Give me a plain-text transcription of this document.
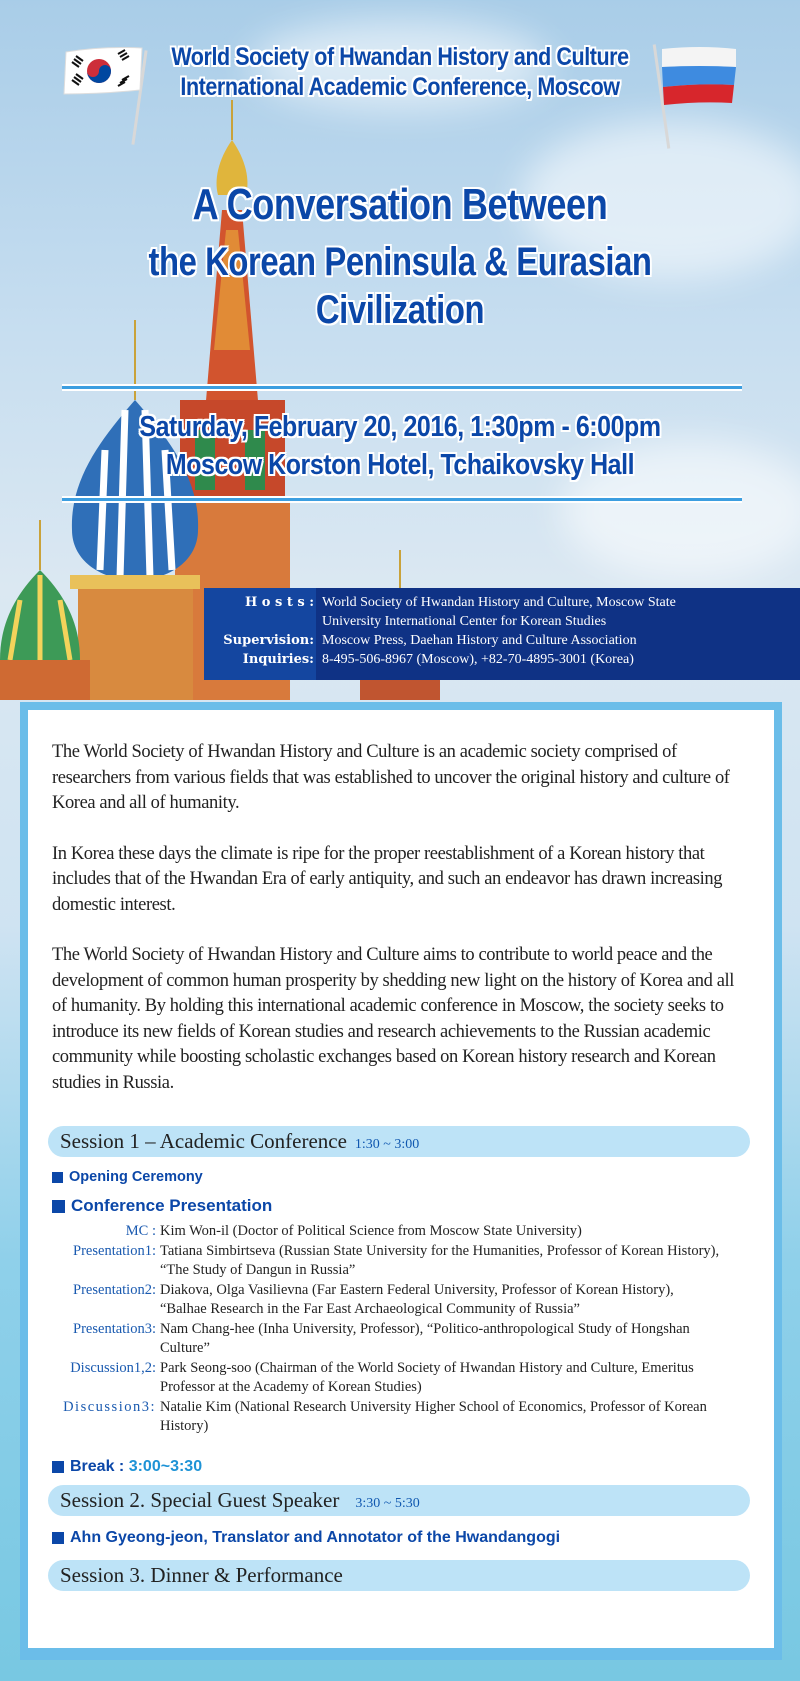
World Society of Hwandan History and Culture
International Academic Conference, Moscow
A Conversation Between
the Korean Peninsula & Eurasian Civilization
Saturday, February 20, 2016, 1:30pm - 6:00pm
Moscow Korston Hotel, Tchaikovsky Hall
H o s t s :

Supervision:
Inquiries:
World Society of Hwandan History and Culture, Moscow State
University International Center for Korean Studies
Moscow Press, Daehan History and Culture Association
8-495-506-8967 (Moscow), +82-70-4895-3001 (Korea)

The World Society of Hwandan History and Culture is an academic society comprised of researchers from various fields that was established to uncover the original history and culture of Korea and all of humanity.

In Korea these days the climate is ripe for the proper reestablishment of a Korean history that includes that of the Hwandan Era of early antiquity, and such an endeavor has drawn increasing domestic interest.

The World Society of Hwandan History and Culture aims to contribute to world peace and the development of common human prosperity by shedding new light on the history of Korea and all of humanity. By holding this international academic conference in Moscow, the society seeks to introduce its new fields of Korean studies and research achievements to the Russian academic community while boosting scholastic exchanges based on Korean history research and Korean studies in Russia.

Session 1 – Academic Conference 1:30 ~ 3:00
Opening Ceremony
Conference Presentation
MC : Kim Won-il (Doctor of Political Science from Moscow State University)
Presentation1: Tatiana Simbirtseva (Russian State University for the Humanities, Professor of Korean History), “The Study of Dangun in Russia”
Presentation2: Diakova, Olga Vasilievna (Far Eastern Federal University, Professor of Korean History), “Balhae Research in the Far East Archaeological Community of Russia”
Presentation3: Nam Chang-hee (Inha University, Professor), “Politico-anthropological Study of Hongshan Culture”
Discussion1,2: Park Seong-soo (Chairman of the World Society of Hwandan History and Culture, Emeritus Professor at the Academy of Korean Studies)
Discussion3: Natalie Kim (National Research University Higher School of Economics, Professor of Korean History)
Break :
3:00~3:30
Session 2. Special Guest Speaker 3:30 ~ 5:30
Ahn Gyeong-jeon, Translator and Annotator of the Hwandangogi
Session 3. Dinner & Performance
